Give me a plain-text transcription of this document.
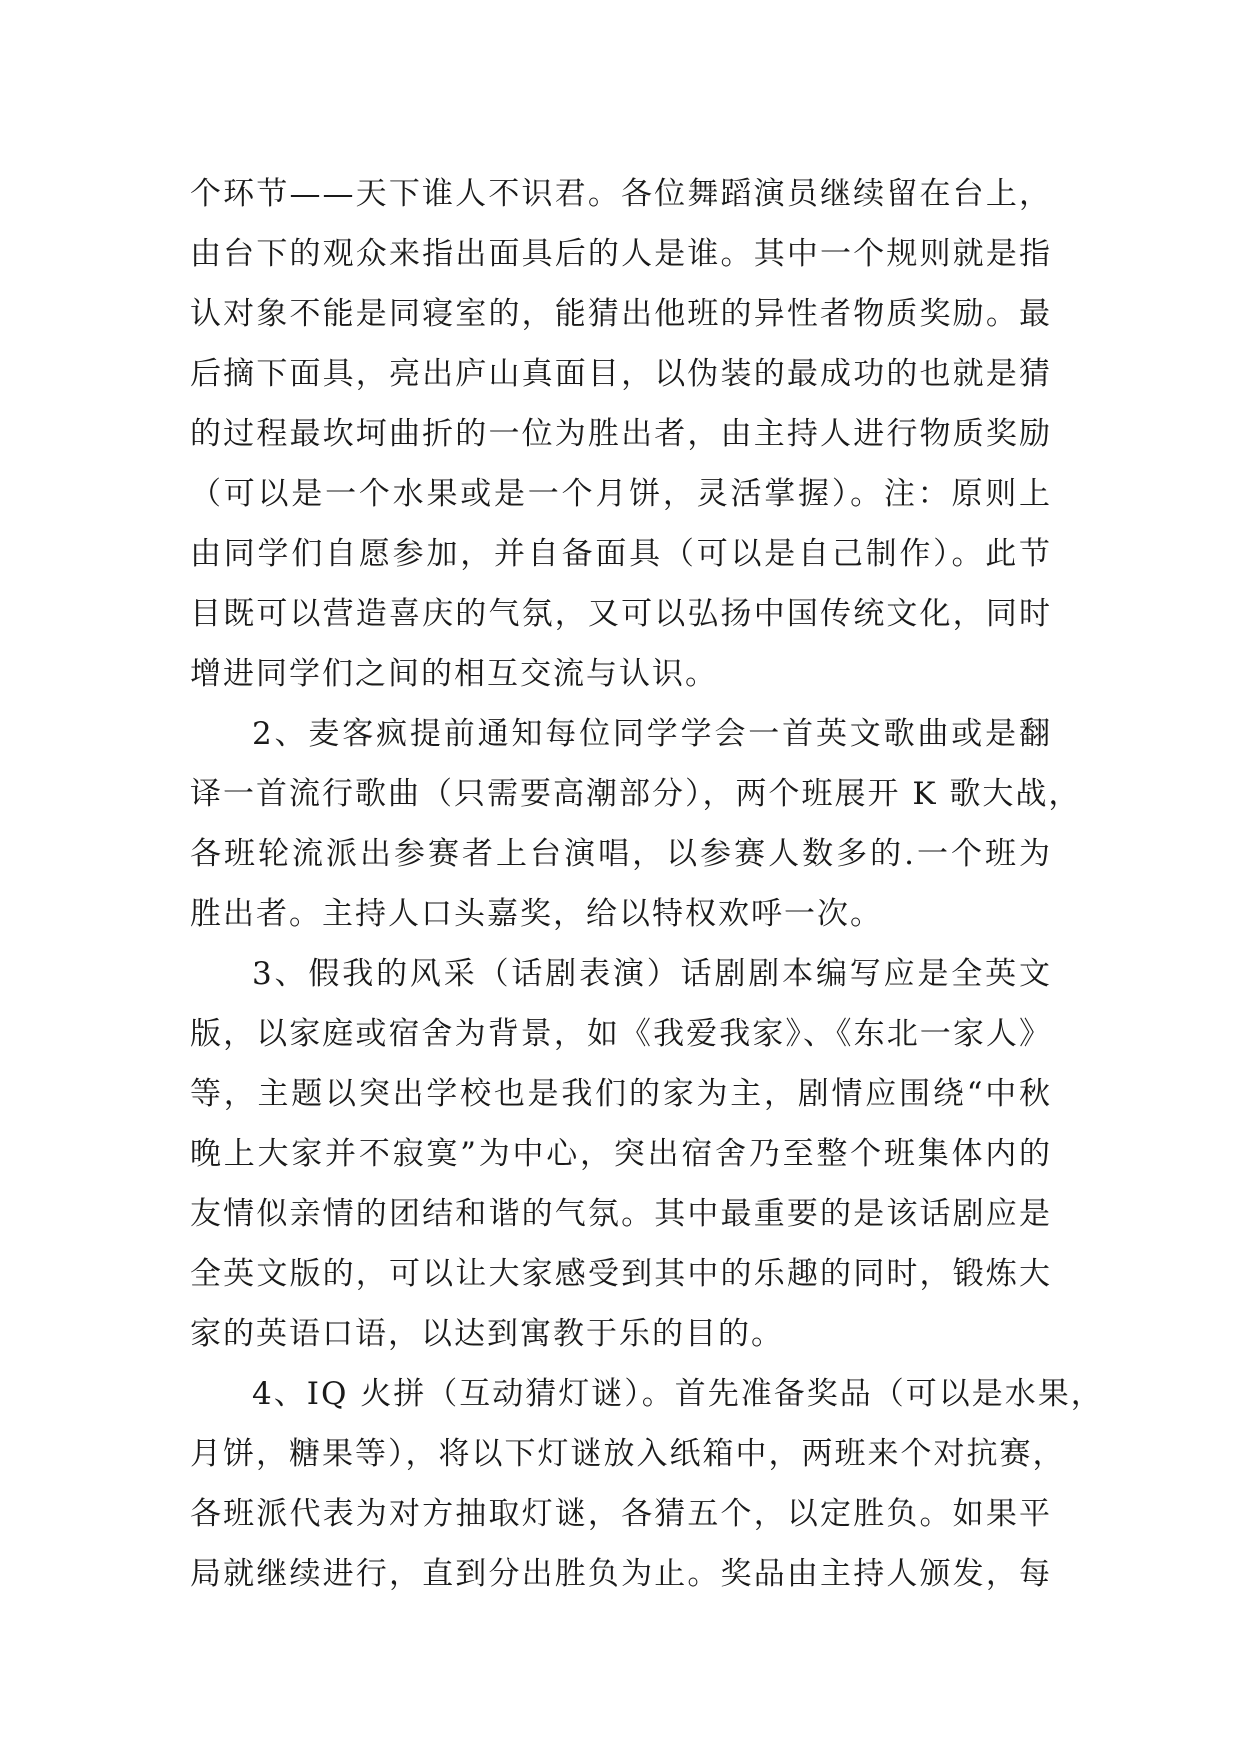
个环节——天下谁人不识君。各位舞蹈演员继续留在台上，
由台下的观众来指出面具后的人是谁。其中一个规则就是指
认对象不能是同寝室的，能猜出他班的异性者物质奖励。最
后摘下面具，亮出庐山真面目，以伪装的最成功的也就是猜
的过程最坎坷曲折的一位为胜出者，由主持人进行物质奖励
（可以是一个水果或是一个月饼，灵活掌握）。注：原则上
由同学们自愿参加，并自备面具（可以是自己制作）。此节
目既可以营造喜庆的气氛，又可以弘扬中国传统文化，同时
增进同学们之间的相互交流与认识。
2、麦客疯提前通知每位同学学会一首英文歌曲或是翻
译一首流行歌曲（只需要高潮部分），两个班展开 K 歌大战，
各班轮流派出参赛者上台演唱，以参赛人数多的.一个班为
胜出者。主持人口头嘉奖，给以特权欢呼一次。
3、假我的风采（话剧表演）话剧剧本编写应是全英文
版，以家庭或宿舍为背景，如《我爱我家》、《东北一家人》
等，主题以突出学校也是我们的家为主，剧情应围绕“中秋
晚上大家并不寂寞”为中心，突出宿舍乃至整个班集体内的
友情似亲情的团结和谐的气氛。其中最重要的是该话剧应是
全英文版的，可以让大家感受到其中的乐趣的同时，锻炼大
家的英语口语，以达到寓教于乐的目的。
4、IQ 火拼（互动猜灯谜）。首先准备奖品（可以是水果，
月饼，糖果等），将以下灯谜放入纸箱中，两班来个对抗赛，
各班派代表为对方抽取灯谜，各猜五个，以定胜负。如果平
局就继续进行，直到分出胜负为止。奖品由主持人颁发，每
